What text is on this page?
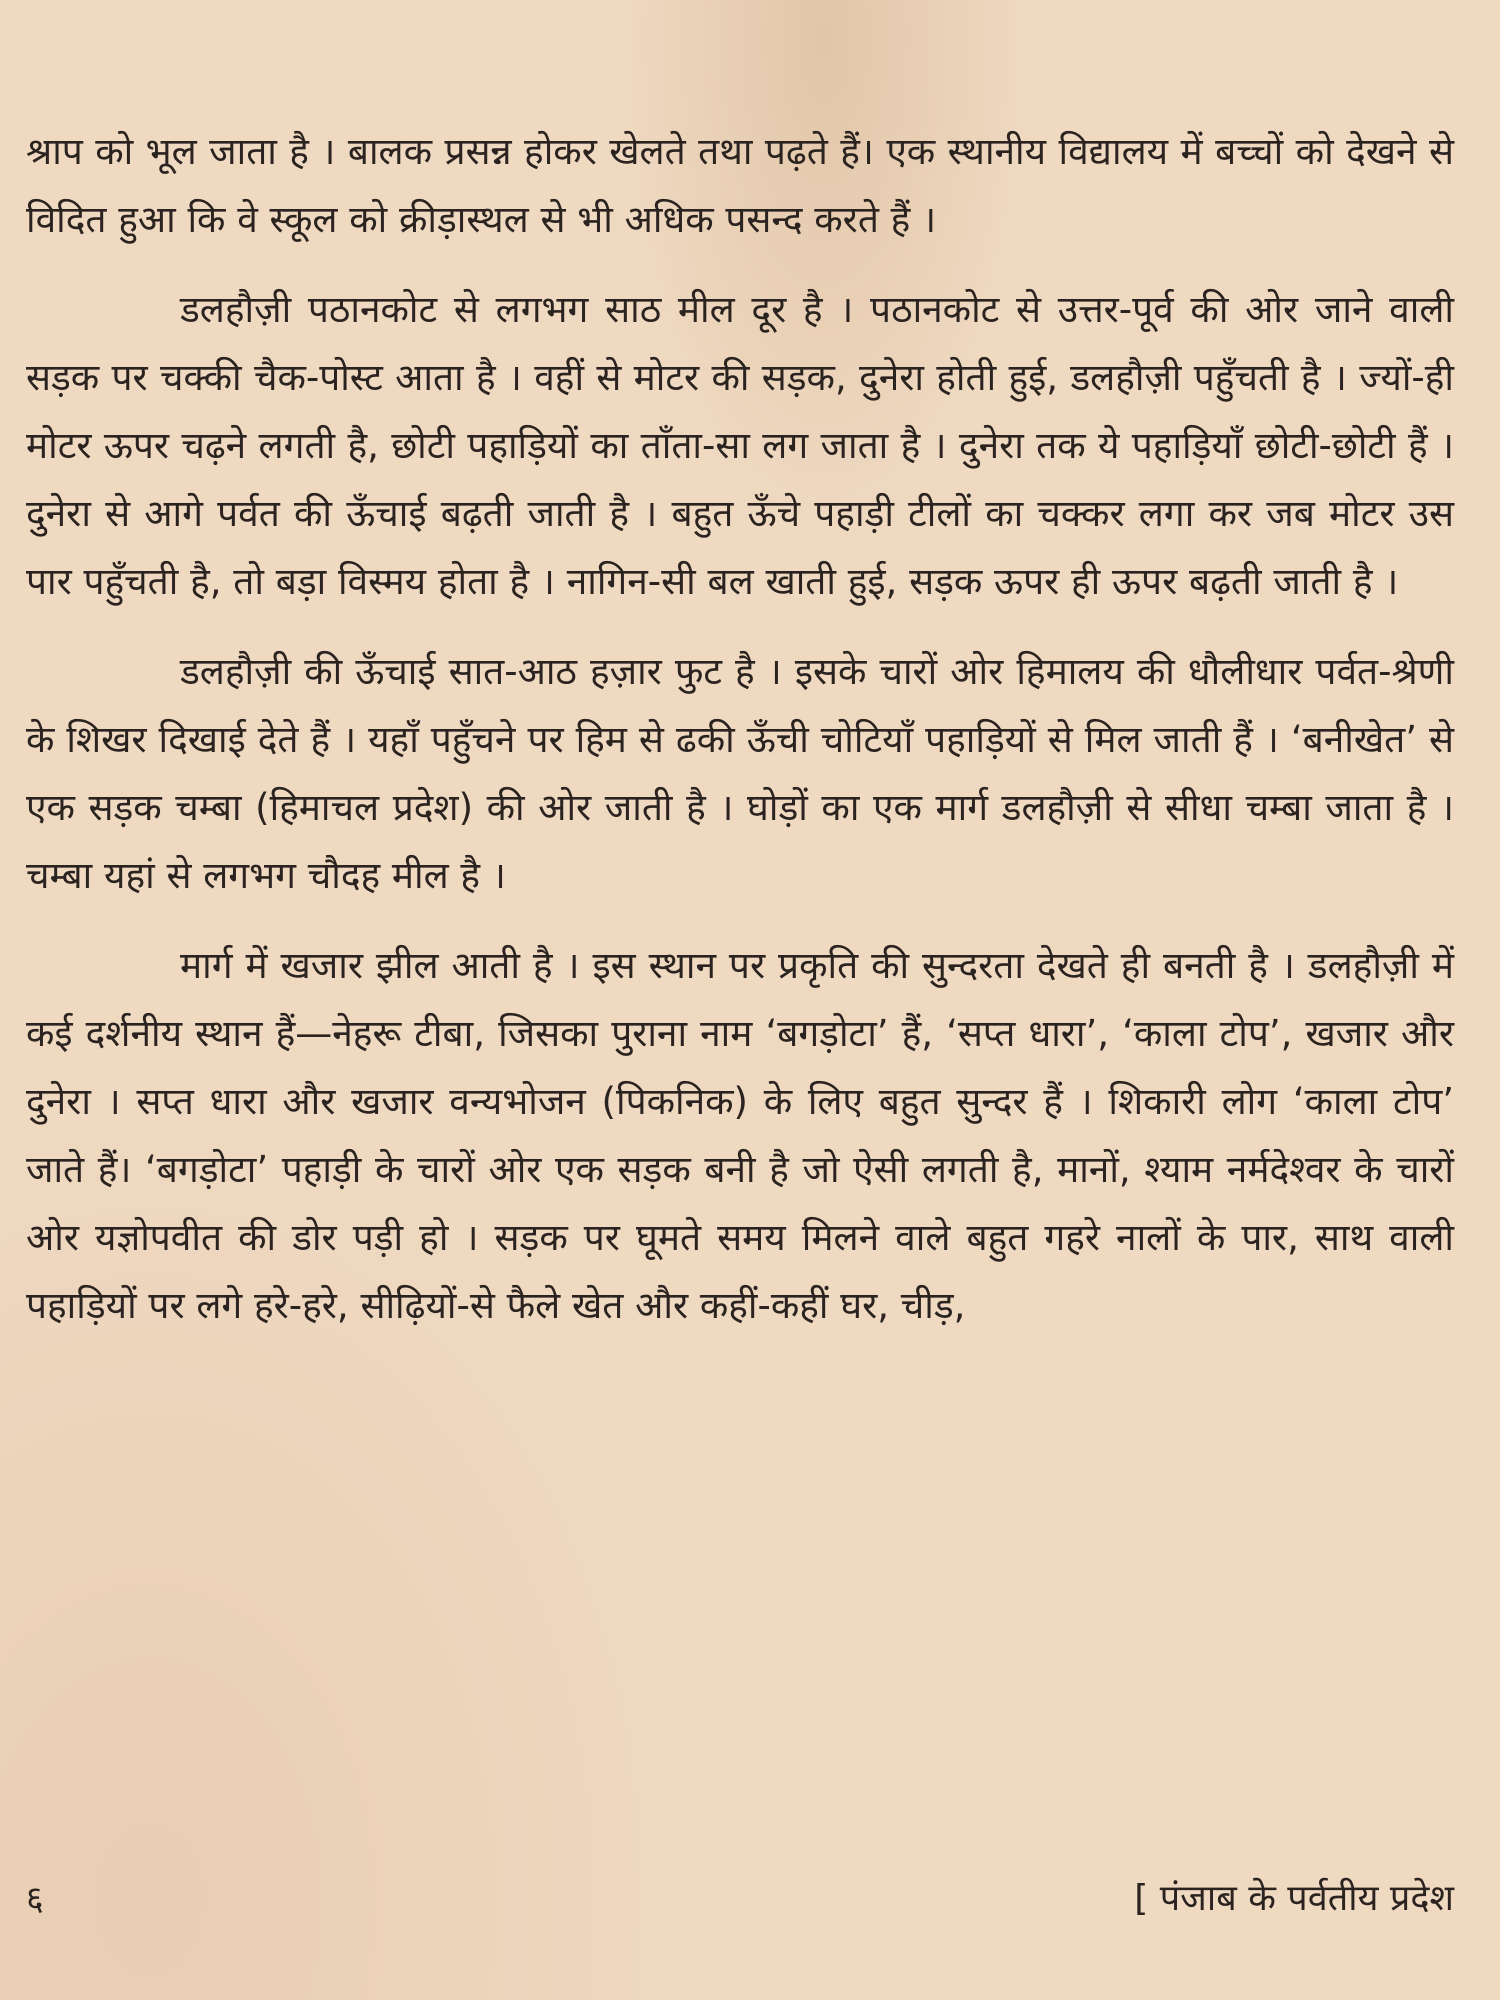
श्राप को भूल जाता है । बालक प्रसन्न होकर खेलते तथा पढ़ते हैं। एक स्थानीय विद्यालय में बच्चों को देखने से विदित हुआ कि वे स्कूल को क्रीड़ास्थल से भी अधिक पसन्द करते हैं ।

डलहौज़ी पठानकोट से लगभग साठ मील दूर है । पठानकोट से उत्तर-पूर्व की ओर जाने वाली सड़क पर चक्की चैक-पोस्ट आता है । वहीं से मोटर की सड़क, दुनेरा होती हुई, डलहौज़ी पहुँचती है । ज्यों-ही मोटर ऊपर चढ़ने लगती है, छोटी पहाड़ियों का ताँता-सा लग जाता है । दुनेरा तक ये पहाड़ियाँ छोटी-छोटी हैं । दुनेरा से आगे पर्वत की ऊँचाई बढ़ती जाती है । बहुत ऊँचे पहाड़ी टीलों का चक्कर लगा कर जब मोटर उस पार पहुँचती है, तो बड़ा विस्मय होता है । नागिन-सी बल खाती हुई, सड़क ऊपर ही ऊपर बढ़ती जाती है ।

डलहौज़ी की ऊँचाई सात-आठ हज़ार फुट है । इसके चारों ओर हिमालय की धौलीधार पर्वत-श्रेणी के शिखर दिखाई देते हैं । यहाँ पहुँचने पर हिम से ढकी ऊँची चोटियाँ पहाड़ियों से मिल जाती हैं । ‘बनीखेत’ से एक सड़क चम्बा (हिमाचल प्रदेश) की ओर जाती है । घोड़ों का एक मार्ग डलहौज़ी से सीधा चम्बा जाता है । चम्बा यहां से लगभग चौदह मील है ।

मार्ग में खजार झील आती है । इस स्थान पर प्रकृति की सुन्दरता देखते ही बनती है । डलहौज़ी में कई दर्शनीय स्थान हैं—नेहरू टीबा, जिसका पुराना नाम ‘बगड़ोटा’ हैं, ‘सप्त धारा’, ‘काला टोप’, खजार और दुनेरा । सप्त धारा और खजार वन्यभोजन (पिकनिक) के लिए बहुत सुन्दर हैं । शिकारी लोग ‘काला टोप’ जाते हैं। ‘बगड़ोटा’ पहाड़ी के चारों ओर एक सड़क बनी है जो ऐसी लगती है, मानों, श्याम नर्मदेश्वर के चारों ओर यज्ञोपवीत की डोर पड़ी हो । सड़क पर घूमते समय मिलने वाले बहुत गहरे नालों के पार, साथ वाली पहाड़ियों पर लगे हरे-हरे, सीढ़ियों-से फैले खेत और कहीं-कहीं घर, चीड़,

६	[ पंजाब के पर्वतीय प्रदेश
